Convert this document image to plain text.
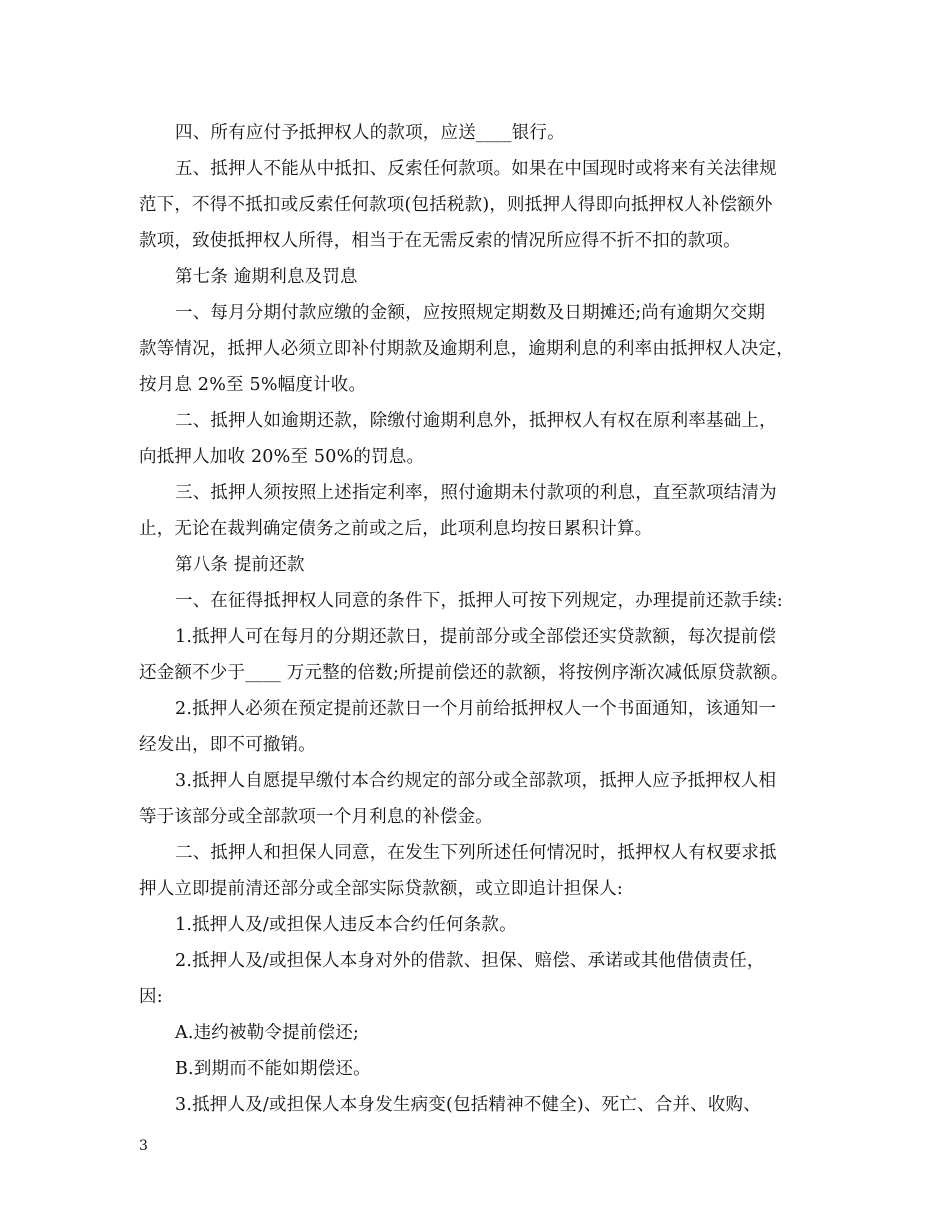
四、所有应付予抵押权人的款项，应送____银行。
五、抵押人不能从中抵扣、反索任何款项。如果在中国现时或将来有关法律规
范下，不得不抵扣或反索任何款项(包括税款)，则抵押人得即向抵押权人补偿额外
款项，致使抵押权人所得，相当于在无需反索的情况所应得不折不扣的款项。
第七条 逾期利息及罚息
一、每月分期付款应缴的金额，应按照规定期数及日期摊还;尚有逾期欠交期
款等情况，抵押人必须立即补付期款及逾期利息，逾期利息的利率由抵押权人决定，
按月息 2%至 5%幅度计收。
二、抵押人如逾期还款，除缴付逾期利息外，抵押权人有权在原利率基础上，
向抵押人加收 20%至 50%的罚息。
三、抵押人须按照上述指定利率，照付逾期未付款项的利息，直至款项结清为
止，无论在裁判确定债务之前或之后，此项利息均按日累积计算。
第八条 提前还款
一、在征得抵押权人同意的条件下，抵押人可按下列规定，办理提前还款手续:
1.抵押人可在每月的分期还款日，提前部分或全部偿还实贷款额，每次提前偿
还金额不少于____ 万元整的倍数;所提前偿还的款额，将按例序渐次减低原贷款额。
2.抵押人必须在预定提前还款日一个月前给抵押权人一个书面通知，该通知一
经发出，即不可撤销。
3.抵押人自愿提早缴付本合约规定的部分或全部款项，抵押人应予抵押权人相
等于该部分或全部款项一个月利息的补偿金。
二、抵押人和担保人同意，在发生下列所述任何情况时，抵押权人有权要求抵
押人立即提前清还部分或全部实际贷款额，或立即追计担保人:
1.抵押人及/或担保人违反本合约任何条款。
2.抵押人及/或担保人本身对外的借款、担保、赔偿、承诺或其他借债责任，
因:
A.违约被勒令提前偿还;
B.到期而不能如期偿还。
3.抵押人及/或担保人本身发生病变(包括精神不健全)、死亡、合并、收购、
3
